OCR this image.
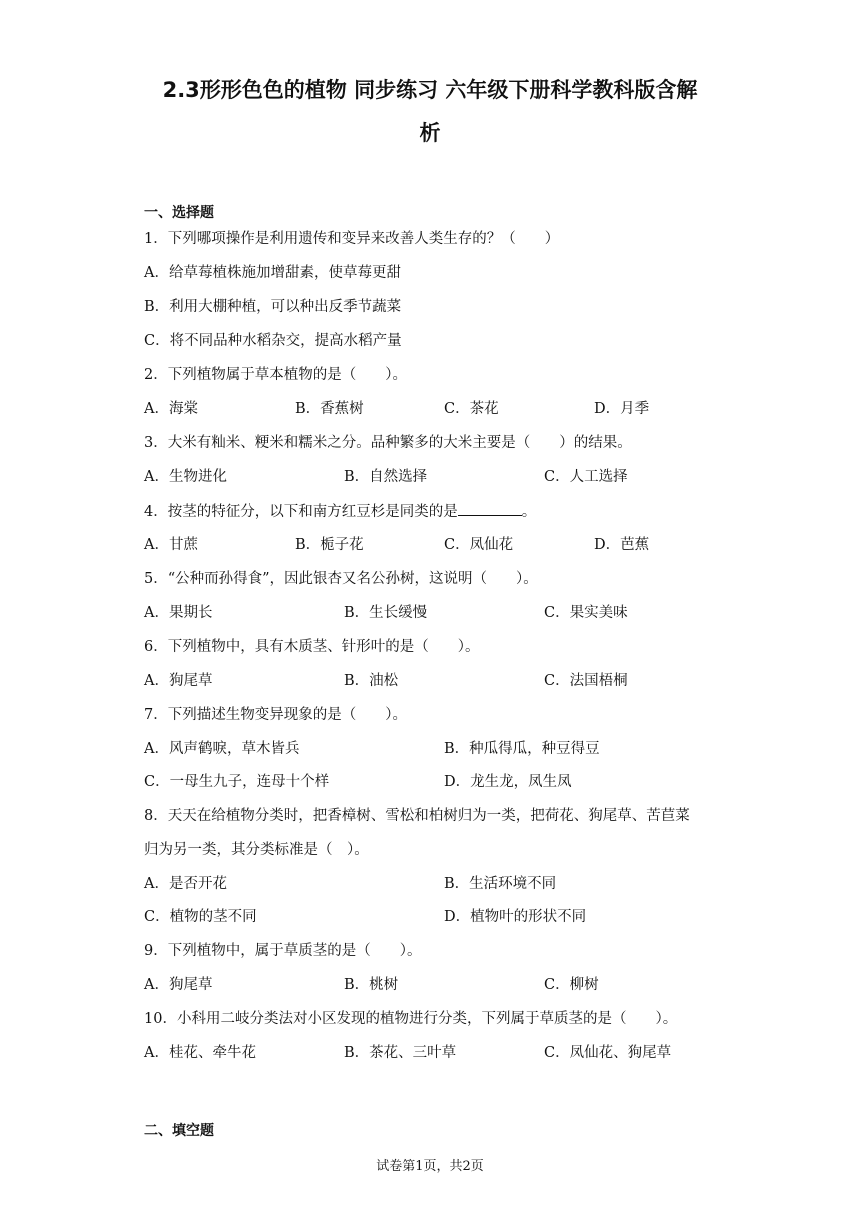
2.3形形色色的植物 同步练习 六年级下册科学教科版含解
析
一、选择题
1．下列哪项操作是利用遗传和变异来改善人类生存的？（　　）
A．给草莓植株施加增甜素，使草莓更甜
B．利用大棚种植，可以种出反季节蔬菜
C．将不同品种水稻杂交，提高水稻产量
2．下列植物属于草本植物的是（　　）。
A．海棠	B．香蕉树	C．茶花	D．月季
3．大米有籼米、粳米和糯米之分。品种繁多的大米主要是（　　）的结果。
A．生物进化	B．自然选择	C．人工选择
4．按茎的特征分，以下和南方红豆杉是同类的是	。
A．甘蔗	B．栀子花	C．凤仙花	D．芭蕉
5．“公种而孙得食”，因此银杏又名公孙树，这说明（　　）。
A．果期长	B．生长缓慢	C．果实美味
6．下列植物中，具有木质茎、针形叶的是（　　）。
A．狗尾草	B．油松	C．法国梧桐
7．下列描述生物变异现象的是（　　）。
A．风声鹤唳，草木皆兵	B．种瓜得瓜，种豆得豆
C．一母生九子，连母十个样	D．龙生龙，凤生凤
8．天天在给植物分类时，把香樟树、雪松和柏树归为一类，把荷花、狗尾草、苦苣菜
归为另一类，其分类标准是（　）。
A．是否开花	B．生活环境不同
C．植物的茎不同	D．植物叶的形状不同
9．下列植物中，属于草质茎的是（　　）。
A．狗尾草	B．桃树	C．柳树
10．小科用二岐分类法对小区发现的植物进行分类，下列属于草质茎的是（　　）。
A．桂花、牵牛花	B．茶花、三叶草	C．凤仙花、狗尾草
二、填空题
试卷第1页，共2页
